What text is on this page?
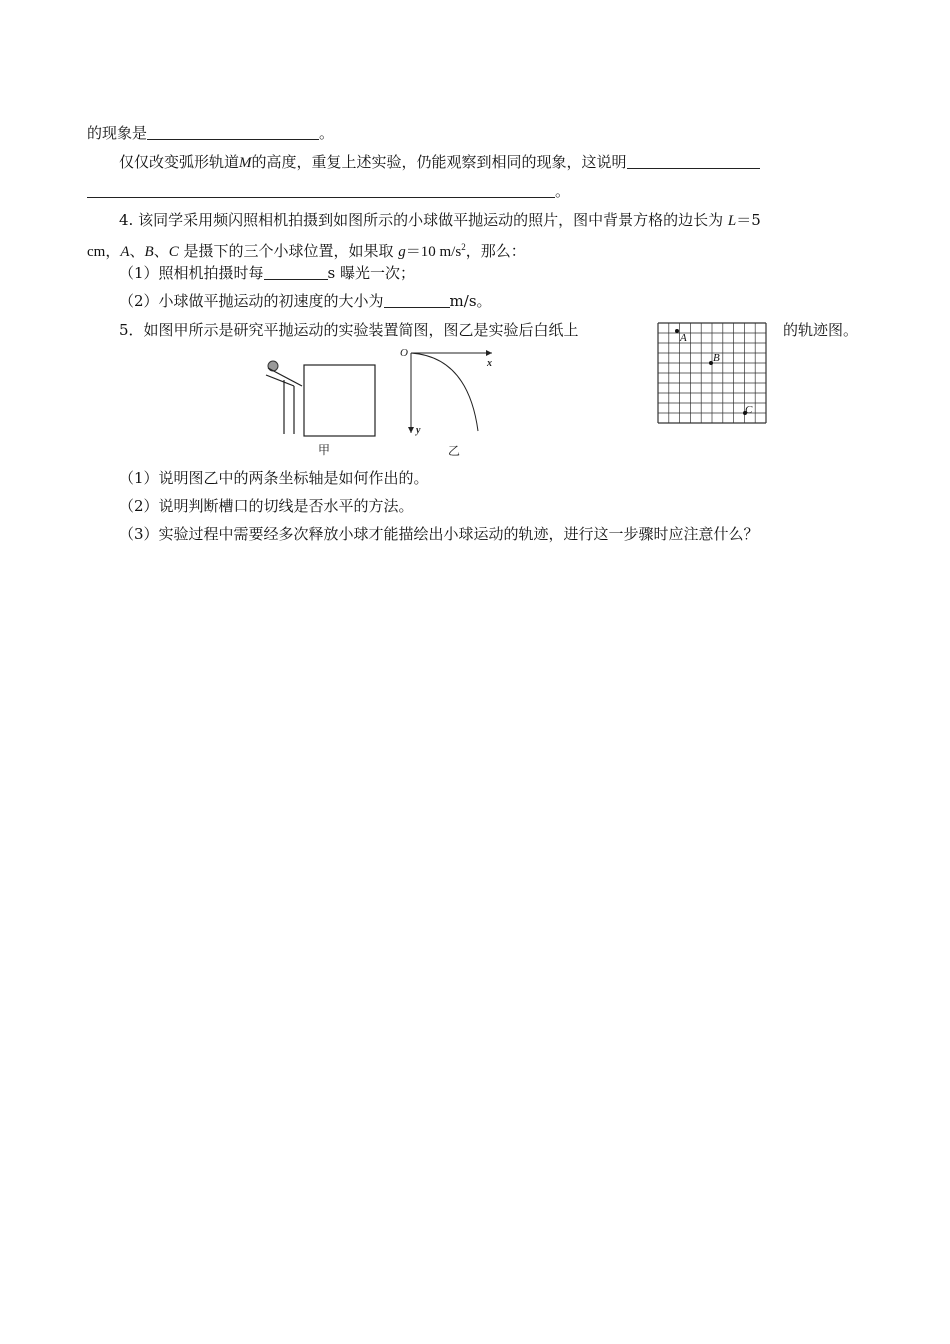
的现象是	。
仅仅改变弧形轨道M的高度，重复上述实验，仍能观察到相同的现象，这说明
。
4. 该同学采用频闪照相机拍摄到如图所示的小球做平抛运动的照片，图中背景方格的边长为 L＝5
cm，A、B、C 是摄下的三个小球位置，如果取 g＝10 $m/s^2$，那么：
（1）照相机拍摄时每	s 曝光一次；
（2）小球做平抛运动的初速度的大小为	m/s。
5．如图甲所示是研究平抛运动的实验装置简图，图乙是实验后白纸上	的轨迹图。
甲
O
x
y
乙
A
B
C
（1）说明图乙中的两条坐标轴是如何作出的。
（2）说明判断槽口的切线是否水平的方法。
（3）实验过程中需要经多次释放小球才能描绘出小球运动的轨迹，进行这一步骤时应注意什么？
